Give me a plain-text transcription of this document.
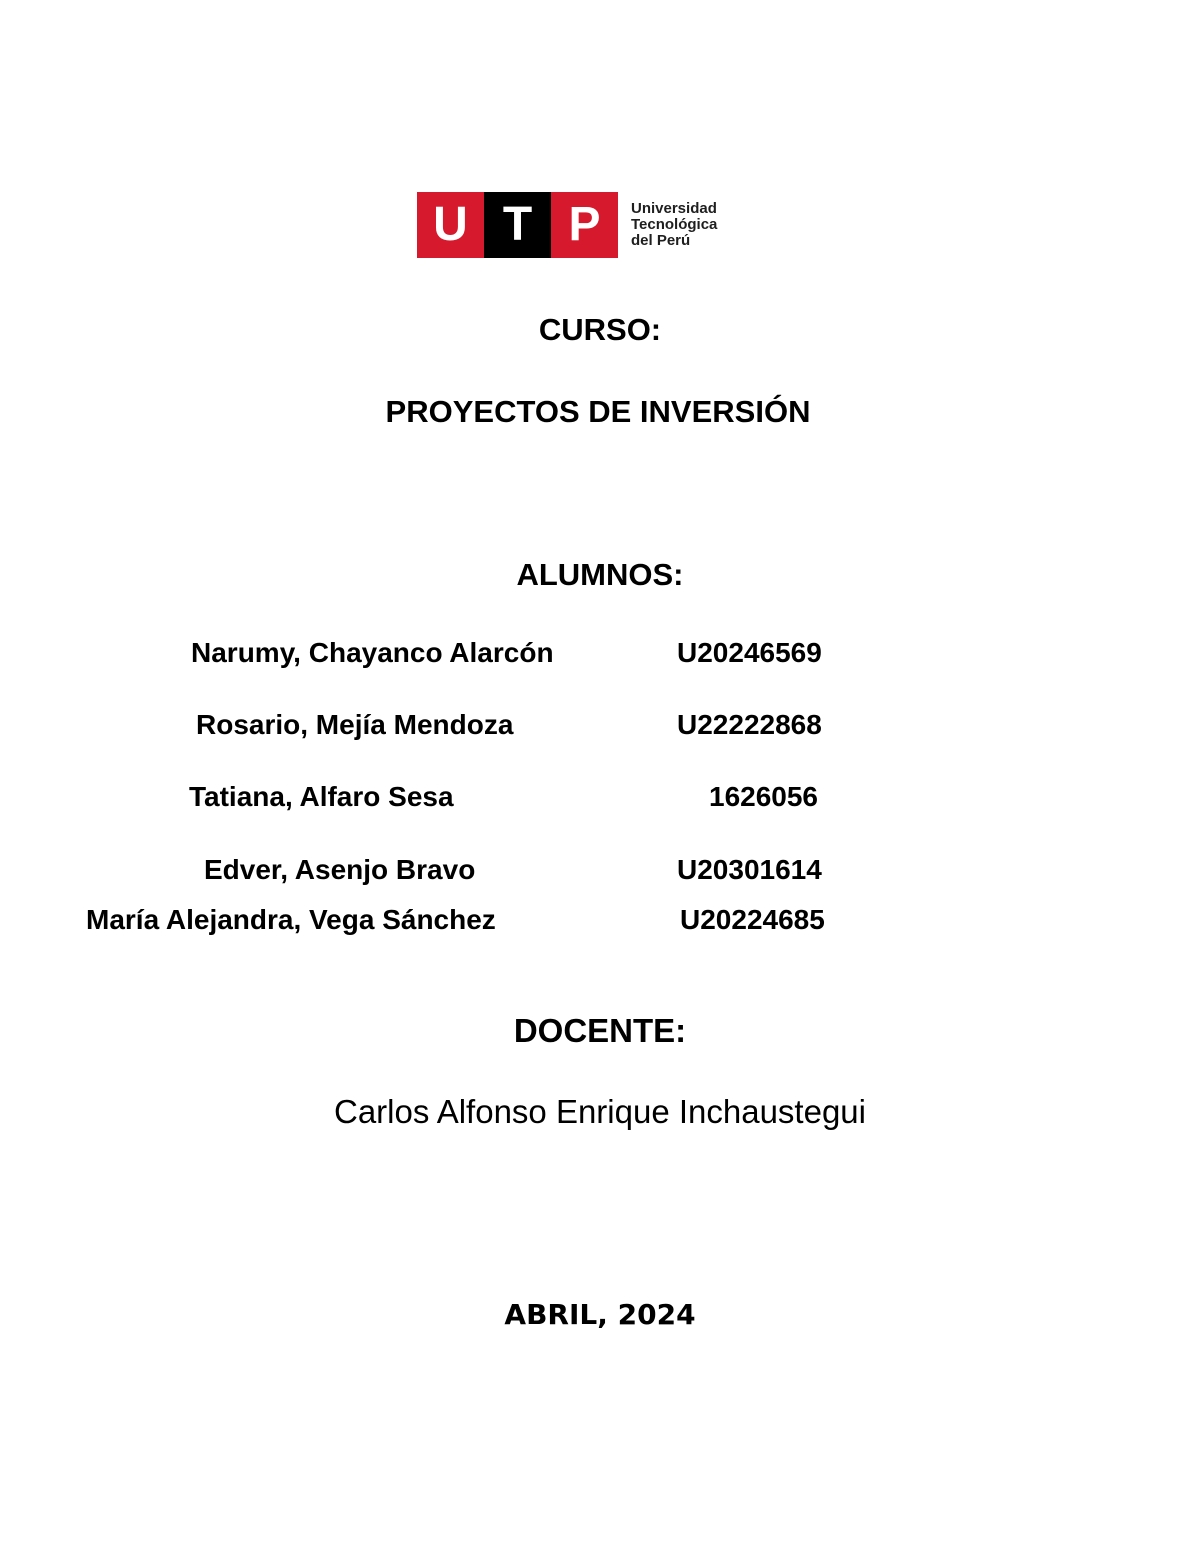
U T P	Universidad
Tecnológica
del Perú
CURSO:
PROYECTOS DE INVERSIÓN
ALUMNOS:
Narumy, Chayanco Alarcón	U20246569
Rosario, Mejía Mendoza	U22222868
Tatiana, Alfaro Sesa	1626056
Edver, Asenjo Bravo	U20301614
María Alejandra, Vega Sánchez	U20224685
DOCENTE:
Carlos Alfonso Enrique Inchaustegui
ABRIL, 2024
